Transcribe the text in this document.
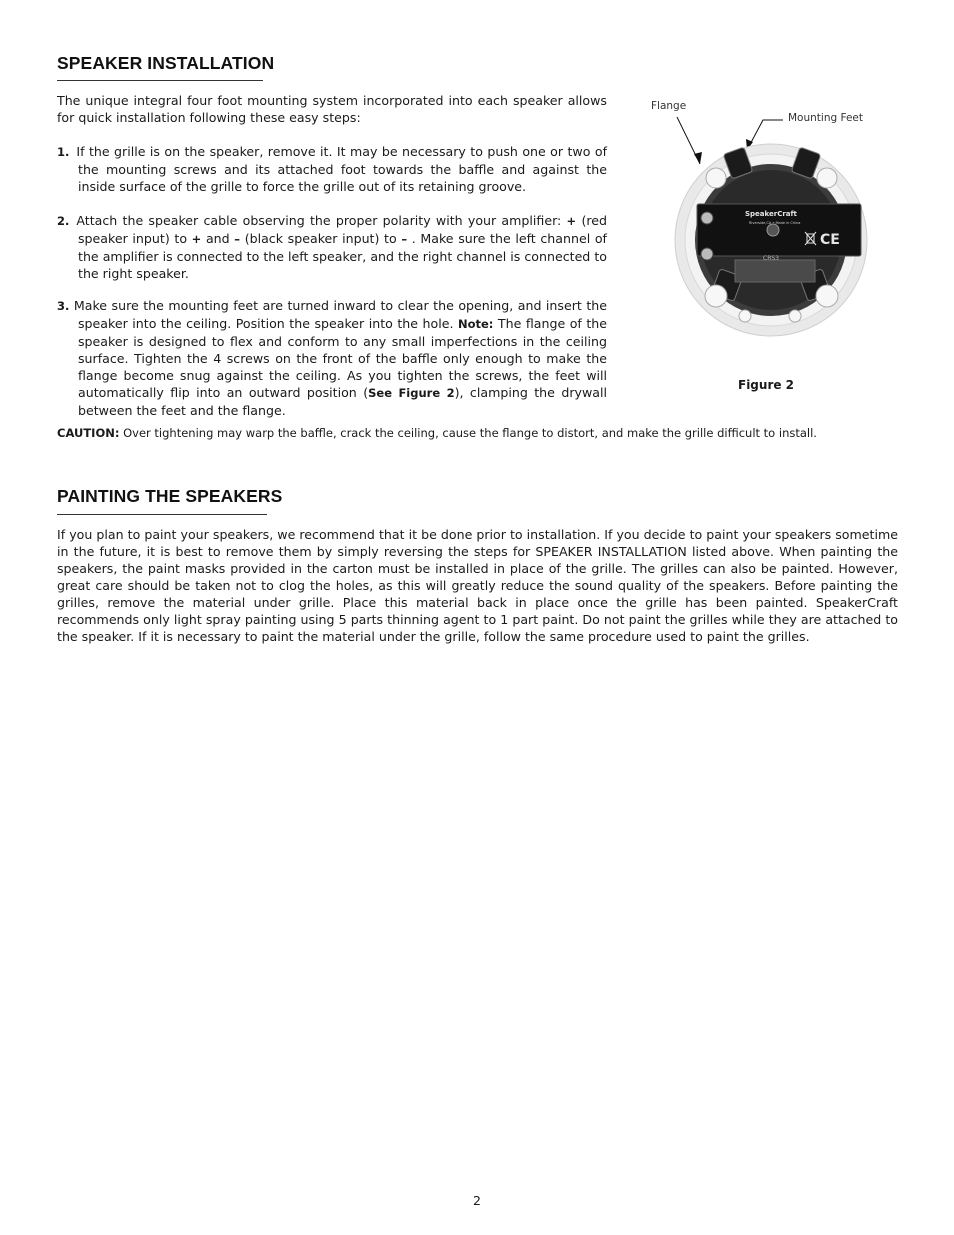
SPEAKER INSTALLATION

The unique integral four foot mounting system incorporated into each speaker allows for quick installation following these easy steps:

1. If the grille is on the speaker, remove it. It may be necessary to push one or two of the mounting screws and its attached foot towards the baffle and against the inside surface of the grille to force the grille out of its retaining groove.

2. Attach the speaker cable observing the proper polarity with your amplifier: + (red speaker input) to + and – (black speaker input) to – . Make sure the left channel of the amplifier is connected to the left speaker, and the right channel is connected to the right speaker.

3. Make sure the mounting feet are turned inward to clear the opening, and insert the speaker into the ceiling. Position the speaker into the hole. Note: The flange of the speaker is designed to flex and conform to any small imperfections in the ceiling surface. Tighten the 4 screws on the front of the baffle only enough to make the flange become snug against the ceiling. As you tighten the screws, the feet will automatically flip into an outward position (See Figure 2), clamping the drywall between the feet and the flange.

CAUTION: Over tightening may warp the baffle, crack the ceiling, cause the flange to distort, and make the grille difficult to install.

Flange
Mounting Feet
SpeakerCraft
Riverside,CA • Made in China
CRS3
CE
Figure 2
PAINTING THE SPEAKERS

If you plan to paint your speakers, we recommend that it be done prior to installation. If you decide to paint your speakers sometime in the future, it is best to remove them by simply reversing the steps for SPEAKER INSTALLATION listed above. When painting the speakers, the paint masks provided in the carton must be installed in place of the grille. The grilles can also be painted. However, great care should be taken not to clog the holes, as this will greatly reduce the sound quality of the speakers. Before painting the grilles, remove the material under grille. Place this material back in place once the grille has been painted. SpeakerCraft recommends only light spray painting using 5 parts thinning agent to 1 part paint. Do not paint the grilles while they are attached to the speaker. If it is necessary to paint the material under the grille, follow the same procedure used to paint the grilles.

2
